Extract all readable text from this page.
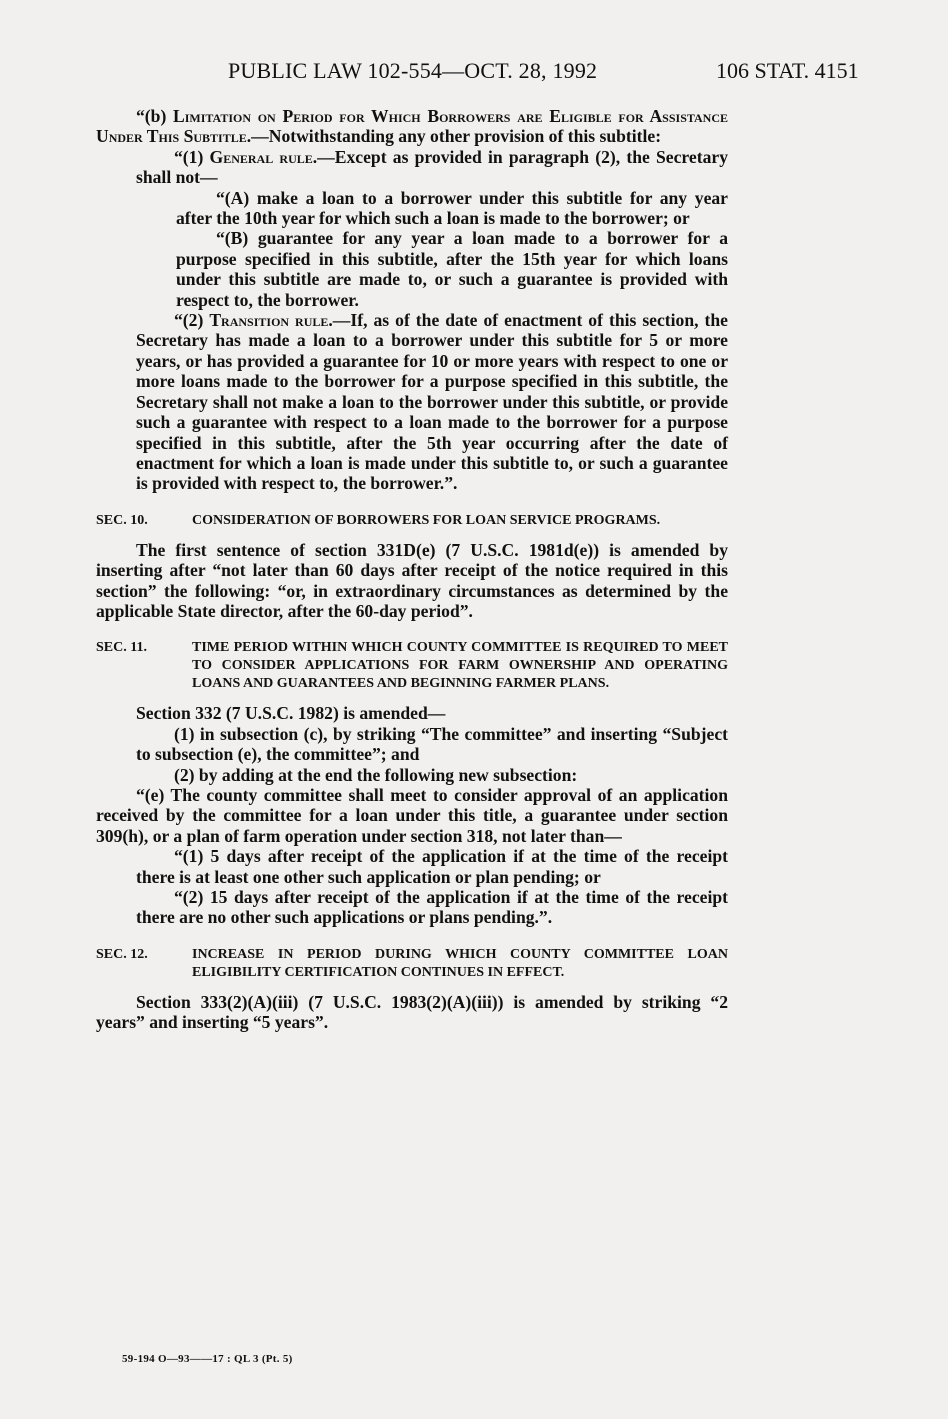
PUBLIC LAW 102-554—OCT. 28, 1992	106 STAT. 4151

“(b) Limitation on Period for Which Borrowers are Eligible for Assistance Under This Subtitle.—Notwithstanding any other provision of this subtitle:

“(1) General rule.—Except as provided in paragraph (2), the Secretary shall not—

“(A) make a loan to a borrower under this subtitle for any year after the 10th year for which such a loan is made to the borrower; or

“(B) guarantee for any year a loan made to a borrower for a purpose specified in this subtitle, after the 15th year for which loans under this subtitle are made to, or such a guarantee is provided with respect to, the borrower.

“(2) Transition rule.—If, as of the date of enactment of this section, the Secretary has made a loan to a borrower under this subtitle for 5 or more years, or has provided a guarantee for 10 or more years with respect to one or more loans made to the borrower for a purpose specified in this subtitle, the Secretary shall not make a loan to the borrower under this subtitle, or provide such a guarantee with respect to a loan made to the borrower for a purpose specified in this subtitle, after the 5th year occurring after the date of enactment for which a loan is made under this subtitle to, or such a guarantee is provided with respect to, the borrower.”.

SEC. 10.	CONSIDERATION OF BORROWERS FOR LOAN SERVICE PROGRAMS.

The first sentence of section 331D(e) (7 U.S.C. 1981d(e)) is amended by inserting after “not later than 60 days after receipt of the notice required in this section” the following: “or, in extraordinary circumstances as determined by the applicable State director, after the 60-day period”.

SEC. 11.	TIME PERIOD WITHIN WHICH COUNTY COMMITTEE IS REQUIRED TO MEET TO CONSIDER APPLICATIONS FOR FARM OWNERSHIP AND OPERATING LOANS AND GUARANTEES AND BEGINNING FARMER PLANS.

Section 332 (7 U.S.C. 1982) is amended—

(1) in subsection (c), by striking “The committee” and inserting “Subject to subsection (e), the committee”; and

(2) by adding at the end the following new subsection:

“(e) The county committee shall meet to consider approval of an application received by the committee for a loan under this title, a guarantee under section 309(h), or a plan of farm operation under section 318, not later than—

“(1) 5 days after receipt of the application if at the time of the receipt there is at least one other such application or plan pending; or

“(2) 15 days after receipt of the application if at the time of the receipt there are no other such applications or plans pending.”.

SEC. 12.	INCREASE IN PERIOD DURING WHICH COUNTY COMMITTEE LOAN ELIGIBILITY CERTIFICATION CONTINUES IN EFFECT.

Section 333(2)(A)(iii) (7 U.S.C. 1983(2)(A)(iii)) is amended by striking “2 years” and inserting “5 years”.

59-194 O—93——17 : QL 3 (Pt. 5)
